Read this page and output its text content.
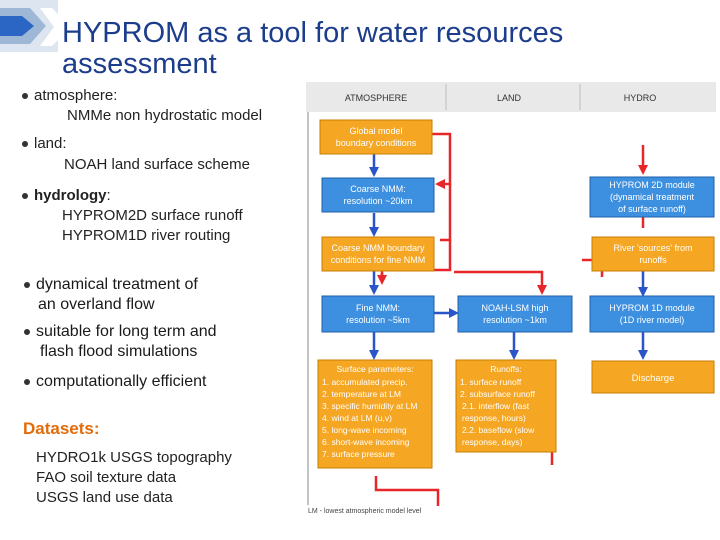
HYPROM as a tool for water resources assessment
atmosphere:
NMMe non hydrostatic model
land:
NOAH land surface scheme
hydrology:
HYPROM2D surface runoff
HYPROM1D river routing
dynamical treatment of
an overland flow
suitable for long term and
flash flood simulations
computationally efficient
Datasets:
HYDRO1k USGS topography
FAO soil texture data
USGS land use data
ATMOSPHERE	LAND	HYDRO
Global model
boundary conditions
Coarse NMM:
resolution ~20km
HYPROM 2D module
(dynamical treatment
of surface runoff)
Coarse NMM boundary
conditions for fine NMM
River 'sources' from
runoffs
Fine NMM:
resolution ~5km
NOAH-LSM high
resolution ~1km
HYPROM 1D module
(1D river model)
Surface parameters:
1. accumulated precip.
2. temperature at LM
3. specific humidity at LM
4. wind at LM (u,v)
5. long-wave incoming
6. short-wave incoming
7. surface pressure
Runoffs:
1. surface runoff
2. subsurface runoff
2.1. interflow (fast
response, hours)
2.2. baseflow (slow
response, days)
Discharge
LM - lowest atmospheric model level
